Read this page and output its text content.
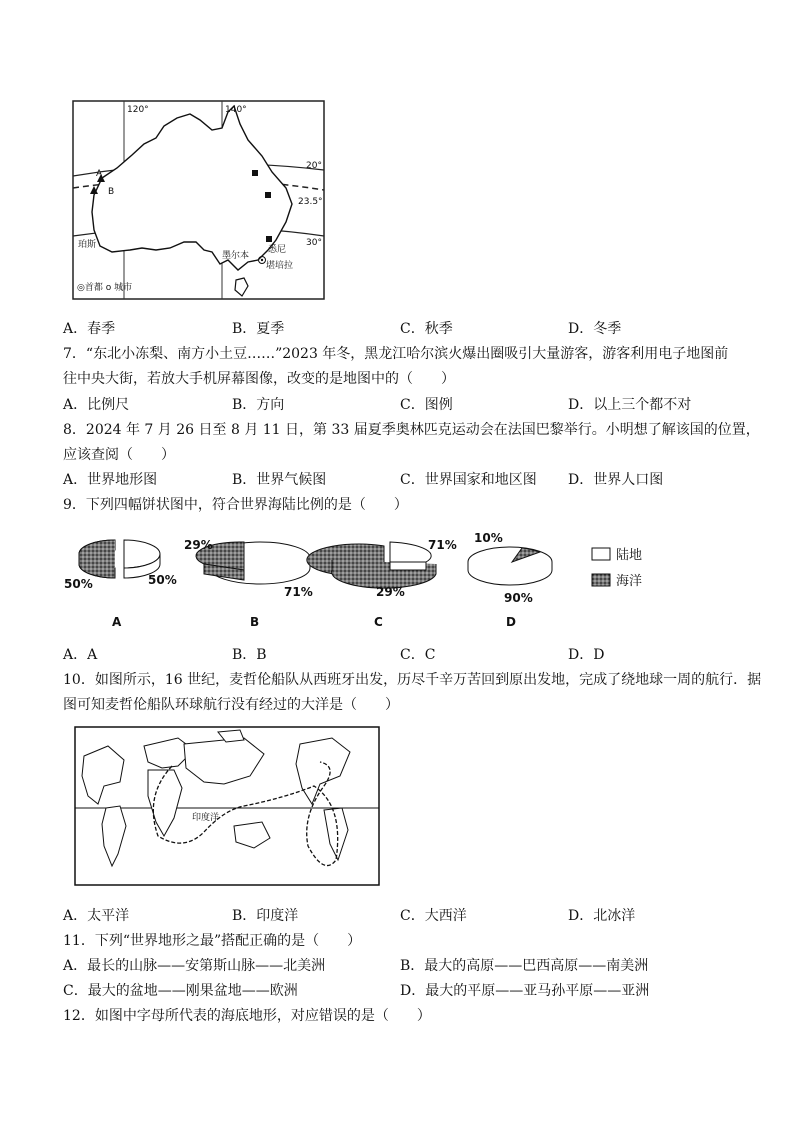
120°	140°
20°
23.5°
30°
A
B
珀斯
墨尔本
悉尼
堪培拉
◎首都 o 城市
A．春季	B．夏季	C．秋季	D．冬季
7．“东北小冻梨、南方小土豆……”2023 年冬，黑龙江哈尔滨火爆出圈吸引大量游客，游客利用电子地图前
往中央大街，若放大手机屏幕图像，改变的是地图中的（　　）
A．比例尺	B．方向	C．图例	D．以上三个都不对
8．2024 年 7 月 26 日至 8 月 11 日，第 33 届夏季奥林匹克运动会在法国巴黎举行。小明想了解该国的位置，
应该查阅（　　）
A．世界地形图	B．世界气候图	C．世界国家和地区图 D．世界人口图
9．下列四幅饼状图中，符合世界海陆比例的是（　　）
50%	50%
A
29%
71%
B
71%
29%
C
10%
90%
D
陆地
海洋
A．A	B．B	C．C	D．D
10．如图所示，16 世纪，麦哲伦船队从西班牙出发，历尽千辛万苦回到原出发地，完成了绕地球一周的航行．据
图可知麦哲伦船队环球航行没有经过的大洋是（　　）
印度洋
A．太平洋	B．印度洋	C．大西洋	D．北冰洋
11．下列“世界地形之最”搭配正确的是（　　）
A．最长的山脉——安第斯山脉——北美洲	B．最大的高原——巴西高原——南美洲
C．最大的盆地——刚果盆地——欧洲	D．最大的平原——亚马孙平原——亚洲
12．如图中字母所代表的海底地形，对应错误的是（　　）
